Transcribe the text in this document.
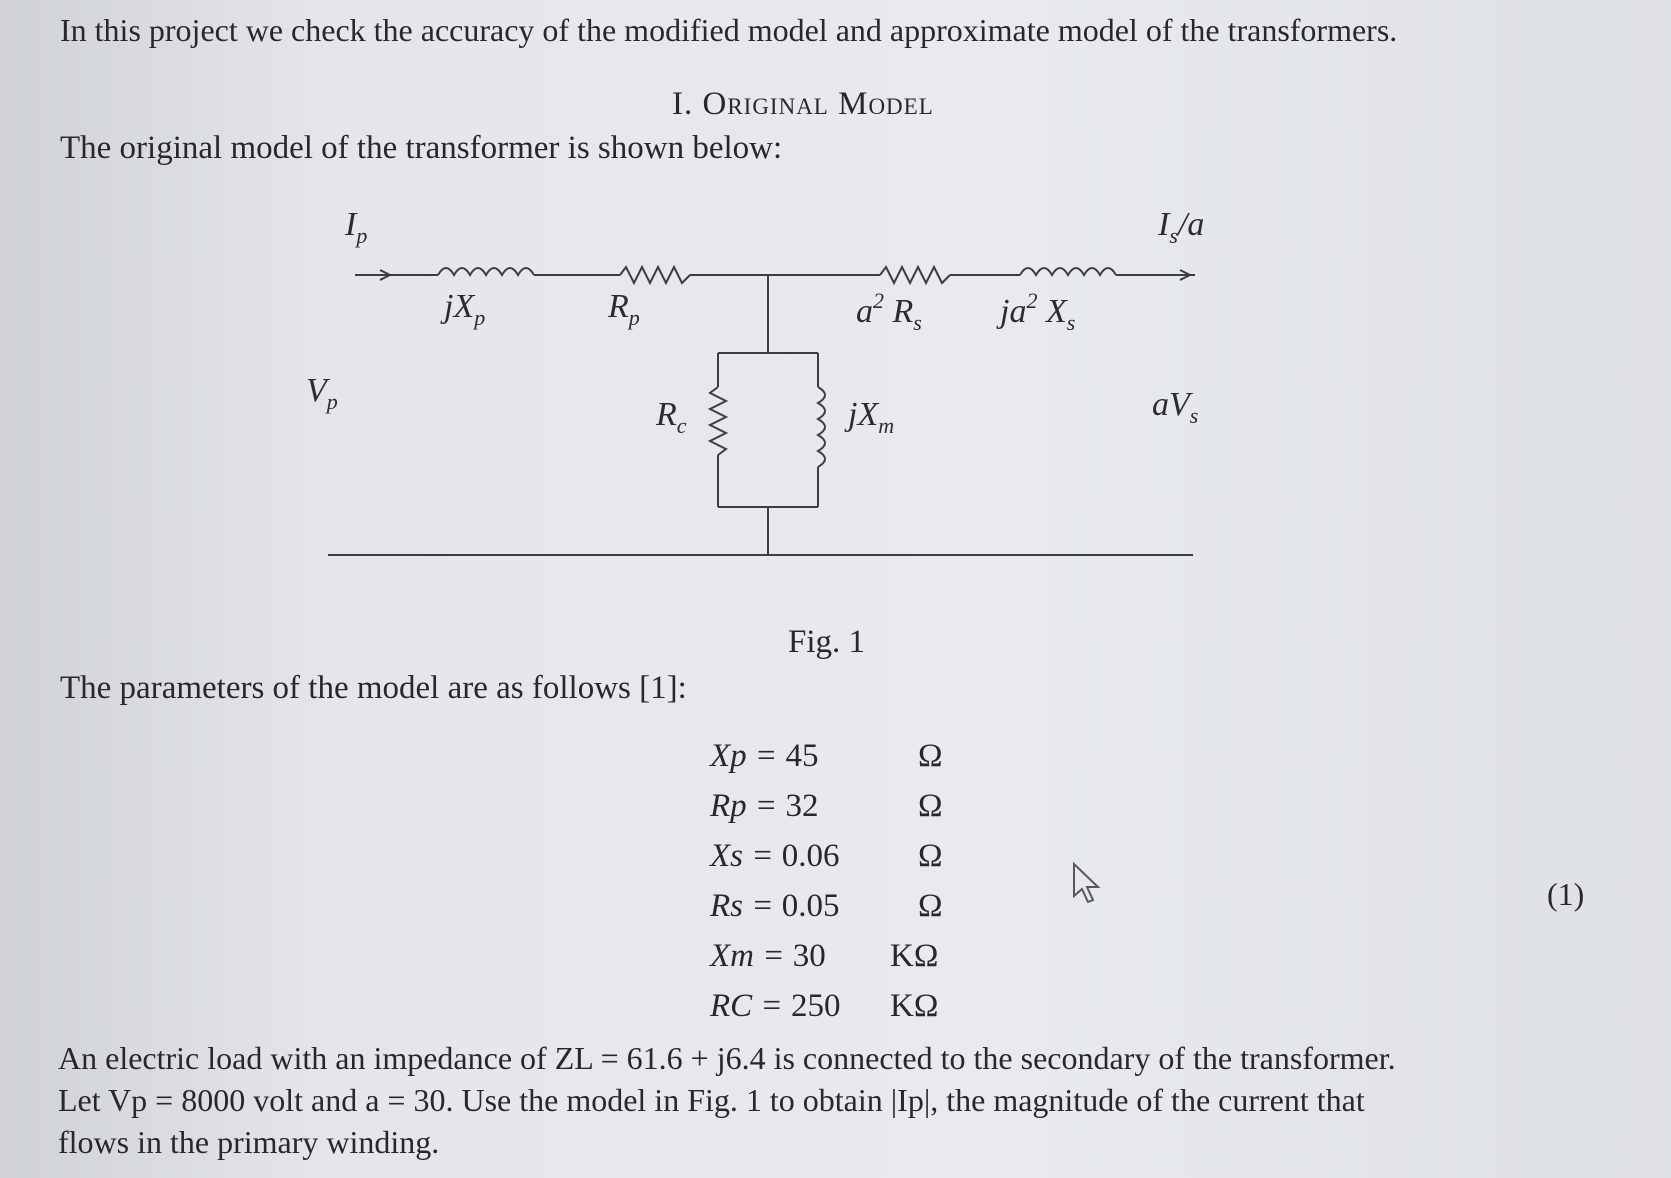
In this project we check the accuracy of the modified model and approximate model of the transformers.
I. Original Model
The original model of the transformer is shown below:
$I_p$	$I_s/a$
$jX_p$	$R_p$	$a^2$ $R_s$ $ja^2$ $X_s$
$V_p$	$R_c$	$jX_m$
$aV_s$
Fig. 1
The parameters of the model are as follows [1]:
Xp = 45	Ω
Rp = 32	Ω
Xs = 0.06 Ω
Rs = 0.05 Ω
Xm = 30 KΩ
RC = 250 KΩ
(1)
An electric load with an impedance of ZL = 61.6 + j6.4 is connected to the secondary of the transformer.
Let Vp = 8000 volt and a = 30. Use the model in Fig. 1 to obtain |Ip|, the magnitude of the current that
flows in the primary winding.
